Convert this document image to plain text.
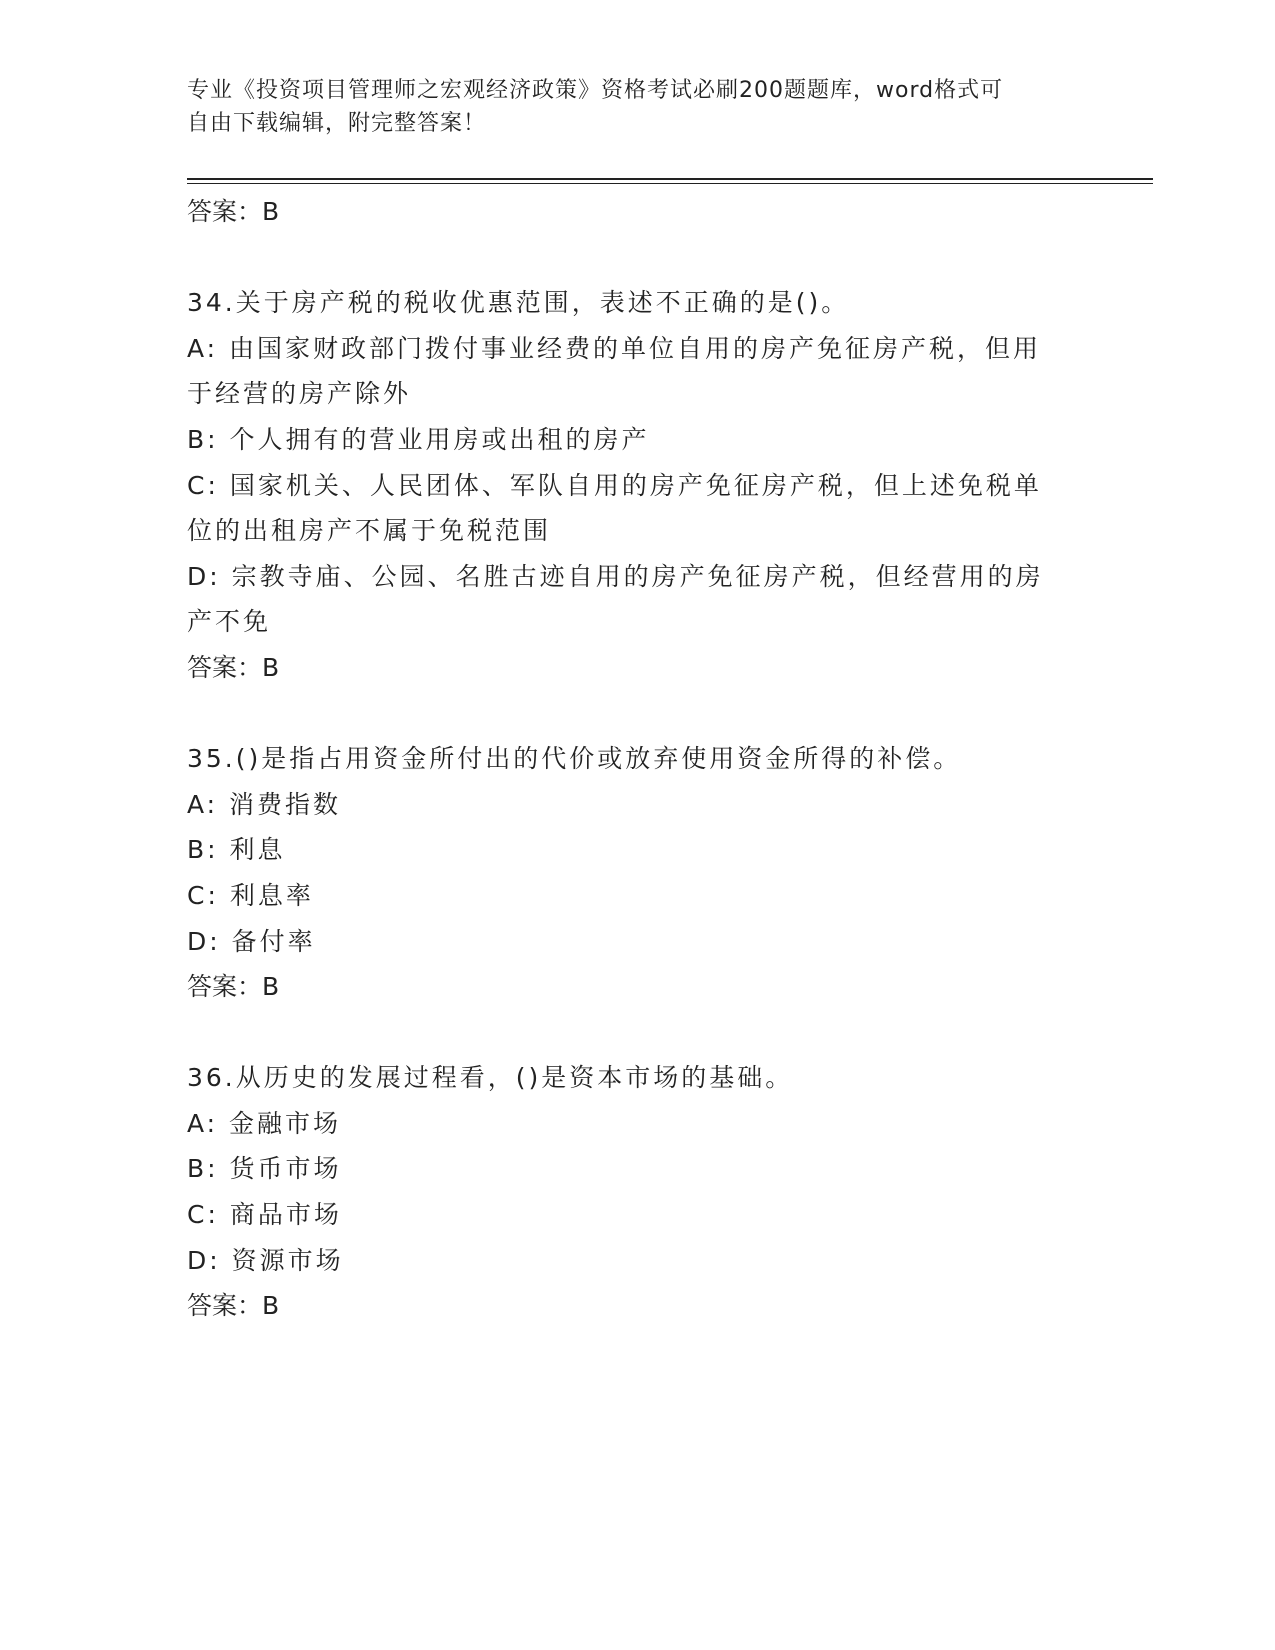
专业《投资项目管理师之宏观经济政策》资格考试必刷200题题库，word格式可
自由下载编辑，附完整答案！
答案：B
34.关于房产税的税收优惠范围，表述不正确的是()。
A: 由国家财政部门拨付事业经费的单位自用的房产免征房产税，但用于经营的房产除外
B: 个人拥有的营业用房或出租的房产
C: 国家机关、人民团体、军队自用的房产免征房产税，但上述免税单位的出租房产不属于免税范围
D: 宗教寺庙、公园、名胜古迹自用的房产免征房产税，但经营用的房产不免
答案：B
35.()是指占用资金所付出的代价或放弃使用资金所得的补偿。
A: 消费指数
B: 利息
C: 利息率
D: 备付率
答案：B
36.从历史的发展过程看，()是资本市场的基础。
A: 金融市场
B: 货币市场
C: 商品市场
D: 资源市场
答案：B
